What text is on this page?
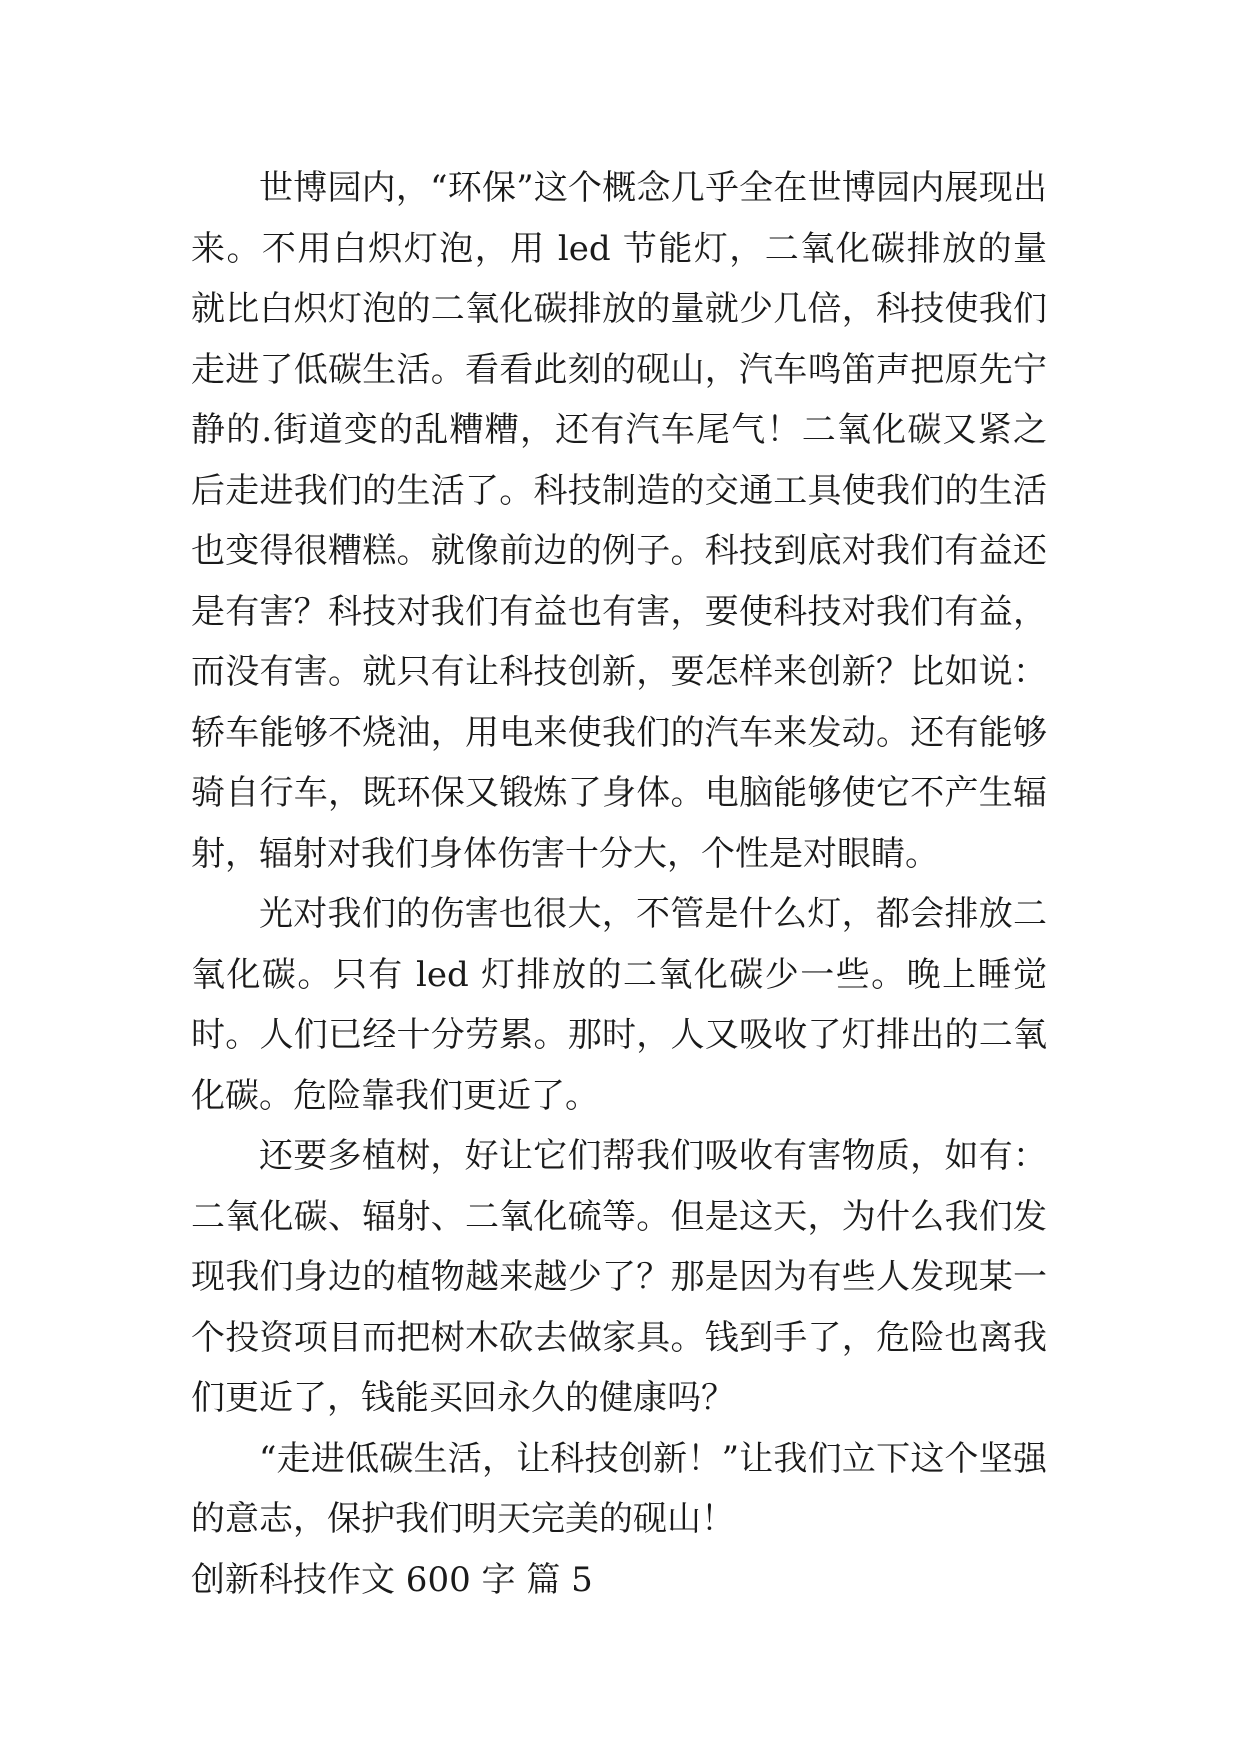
世博园内，“环保”这个概念几乎全在世博园内展现出来。不用白炽灯泡，用 led 节能灯，二氧化碳排放的量就比白炽灯泡的二氧化碳排放的量就少几倍，科技使我们走进了低碳生活。看看此刻的砚山，汽车鸣笛声把原先宁静的.街道变的乱糟糟，还有汽车尾气！二氧化碳又紧之后走进我们的生活了。科技制造的交通工具使我们的生活也变得很糟糕。就像前边的例子。科技到底对我们有益还是有害？科技对我们有益也有害，要使科技对我们有益，而没有害。就只有让科技创新，要怎样来创新？比如说：轿车能够不烧油，用电来使我们的汽车来发动。还有能够骑自行车，既环保又锻炼了身体。电脑能够使它不产生辐射，辐射对我们身体伤害十分大，个性是对眼睛。

光对我们的伤害也很大，不管是什么灯，都会排放二氧化碳。只有 led 灯排放的二氧化碳少一些。晚上睡觉时。人们已经十分劳累。那时，人又吸收了灯排出的二氧化碳。危险靠我们更近了。

还要多植树，好让它们帮我们吸收有害物质，如有：二氧化碳、辐射、二氧化硫等。但是这天，为什么我们发现我们身边的植物越来越少了？那是因为有些人发现某一个投资项目而把树木砍去做家具。钱到手了，危险也离我们更近了，钱能买回永久的健康吗？

“走进低碳生活，让科技创新！”让我们立下这个坚强的意志，保护我们明天完美的砚山！

创新科技作文 600 字 篇 5
